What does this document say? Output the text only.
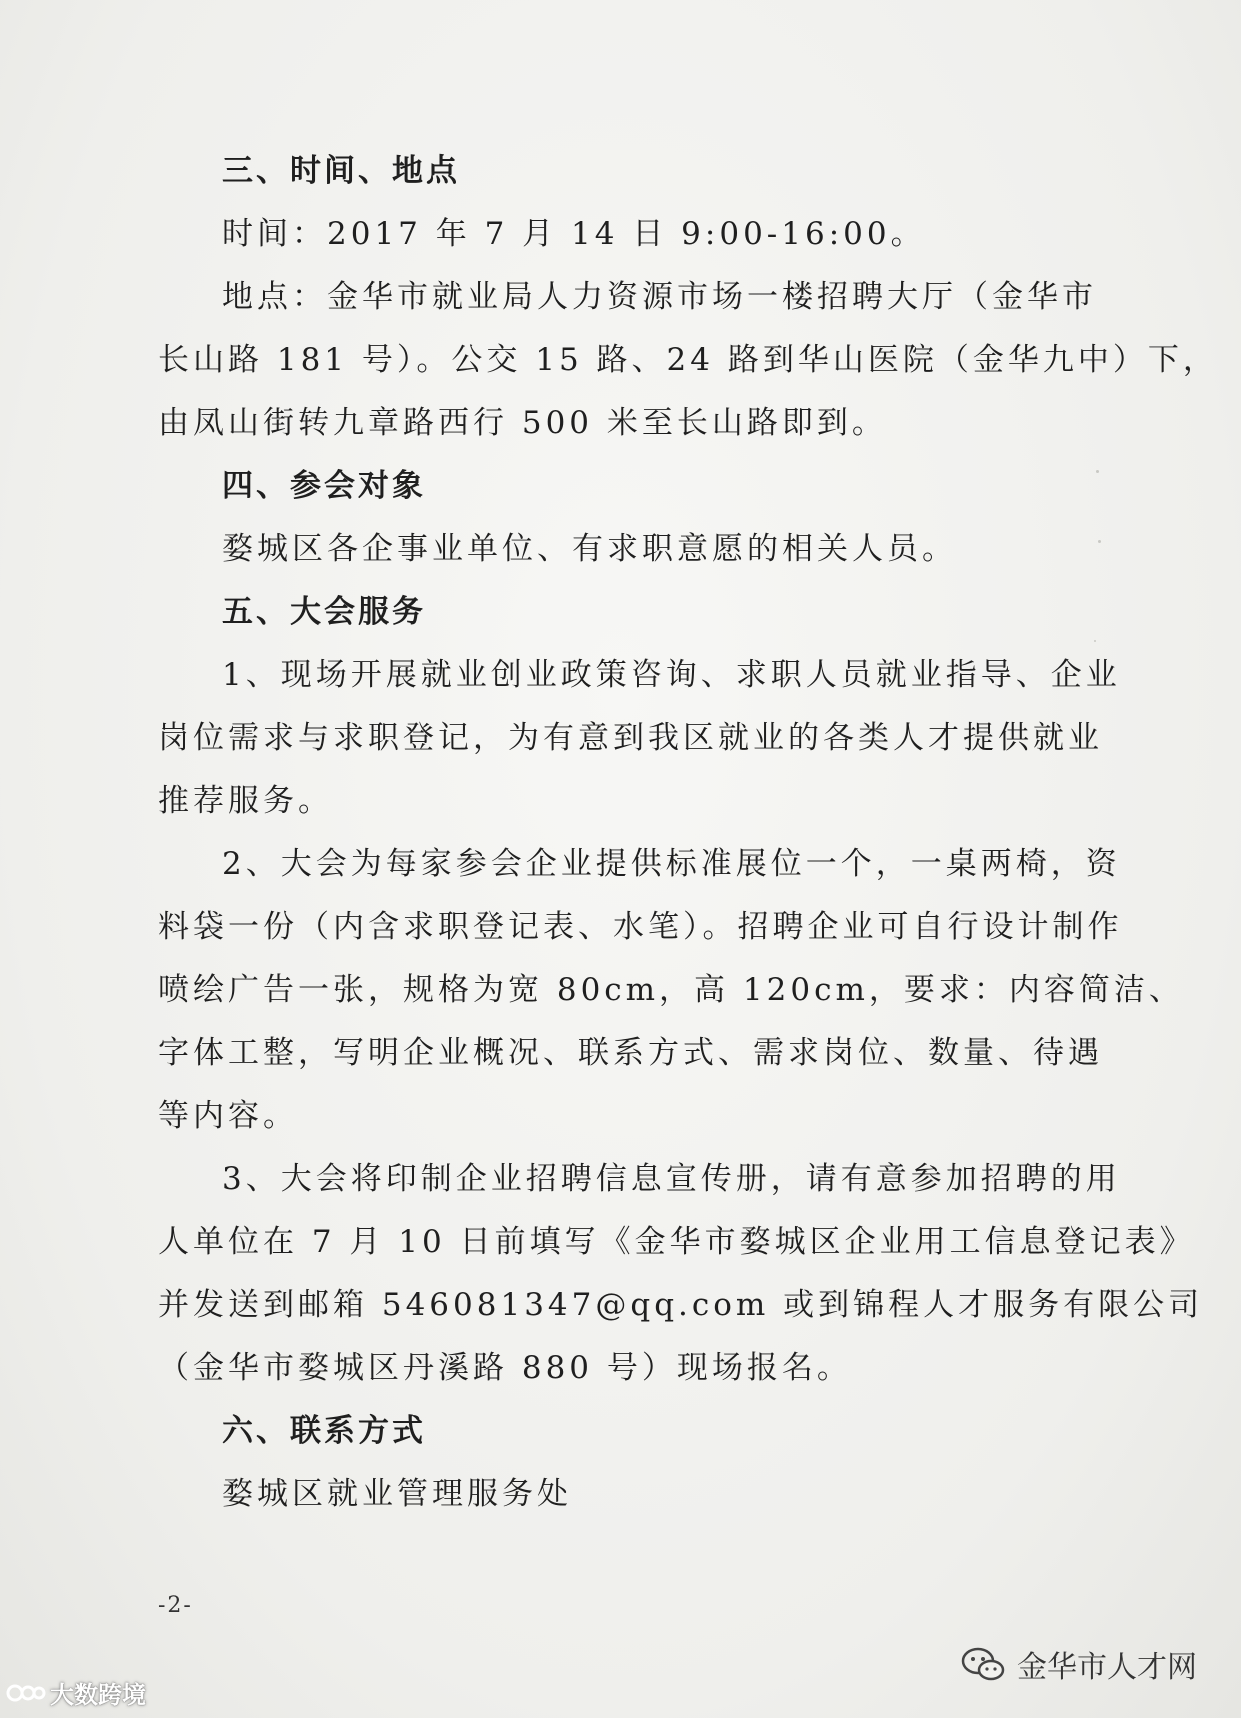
三、时间、地点

时间：2017 年 7 月 14 日 9:00-16:00。

地点：金华市就业局人力资源市场一楼招聘大厅（金华市

长山路 181 号）。公交 15 路、24 路到华山医院（金华九中）下，

由凤山街转九章路西行 500 米至长山路即到。

四、参会对象

婺城区各企事业单位、有求职意愿的相关人员。

五、大会服务

1、现场开展就业创业政策咨询、求职人员就业指导、企业

岗位需求与求职登记，为有意到我区就业的各类人才提供就业

推荐服务。

2、大会为每家参会企业提供标准展位一个，一桌两椅，资

料袋一份（内含求职登记表、水笔）。招聘企业可自行设计制作

喷绘广告一张，规格为宽 80cm，高 120cm，要求：内容简洁、

字体工整，写明企业概况、联系方式、需求岗位、数量、待遇

等内容。

3、大会将印制企业招聘信息宣传册，请有意参加招聘的用

人单位在 7 月 10 日前填写《金华市婺城区企业用工信息登记表》

并发送到邮箱 546081347@qq.com 或到锦程人才服务有限公司

（金华市婺城区丹溪路 880 号）现场报名。

六、联系方式

婺城区就业管理服务处

-2-
大数跨境
金华市人才网
